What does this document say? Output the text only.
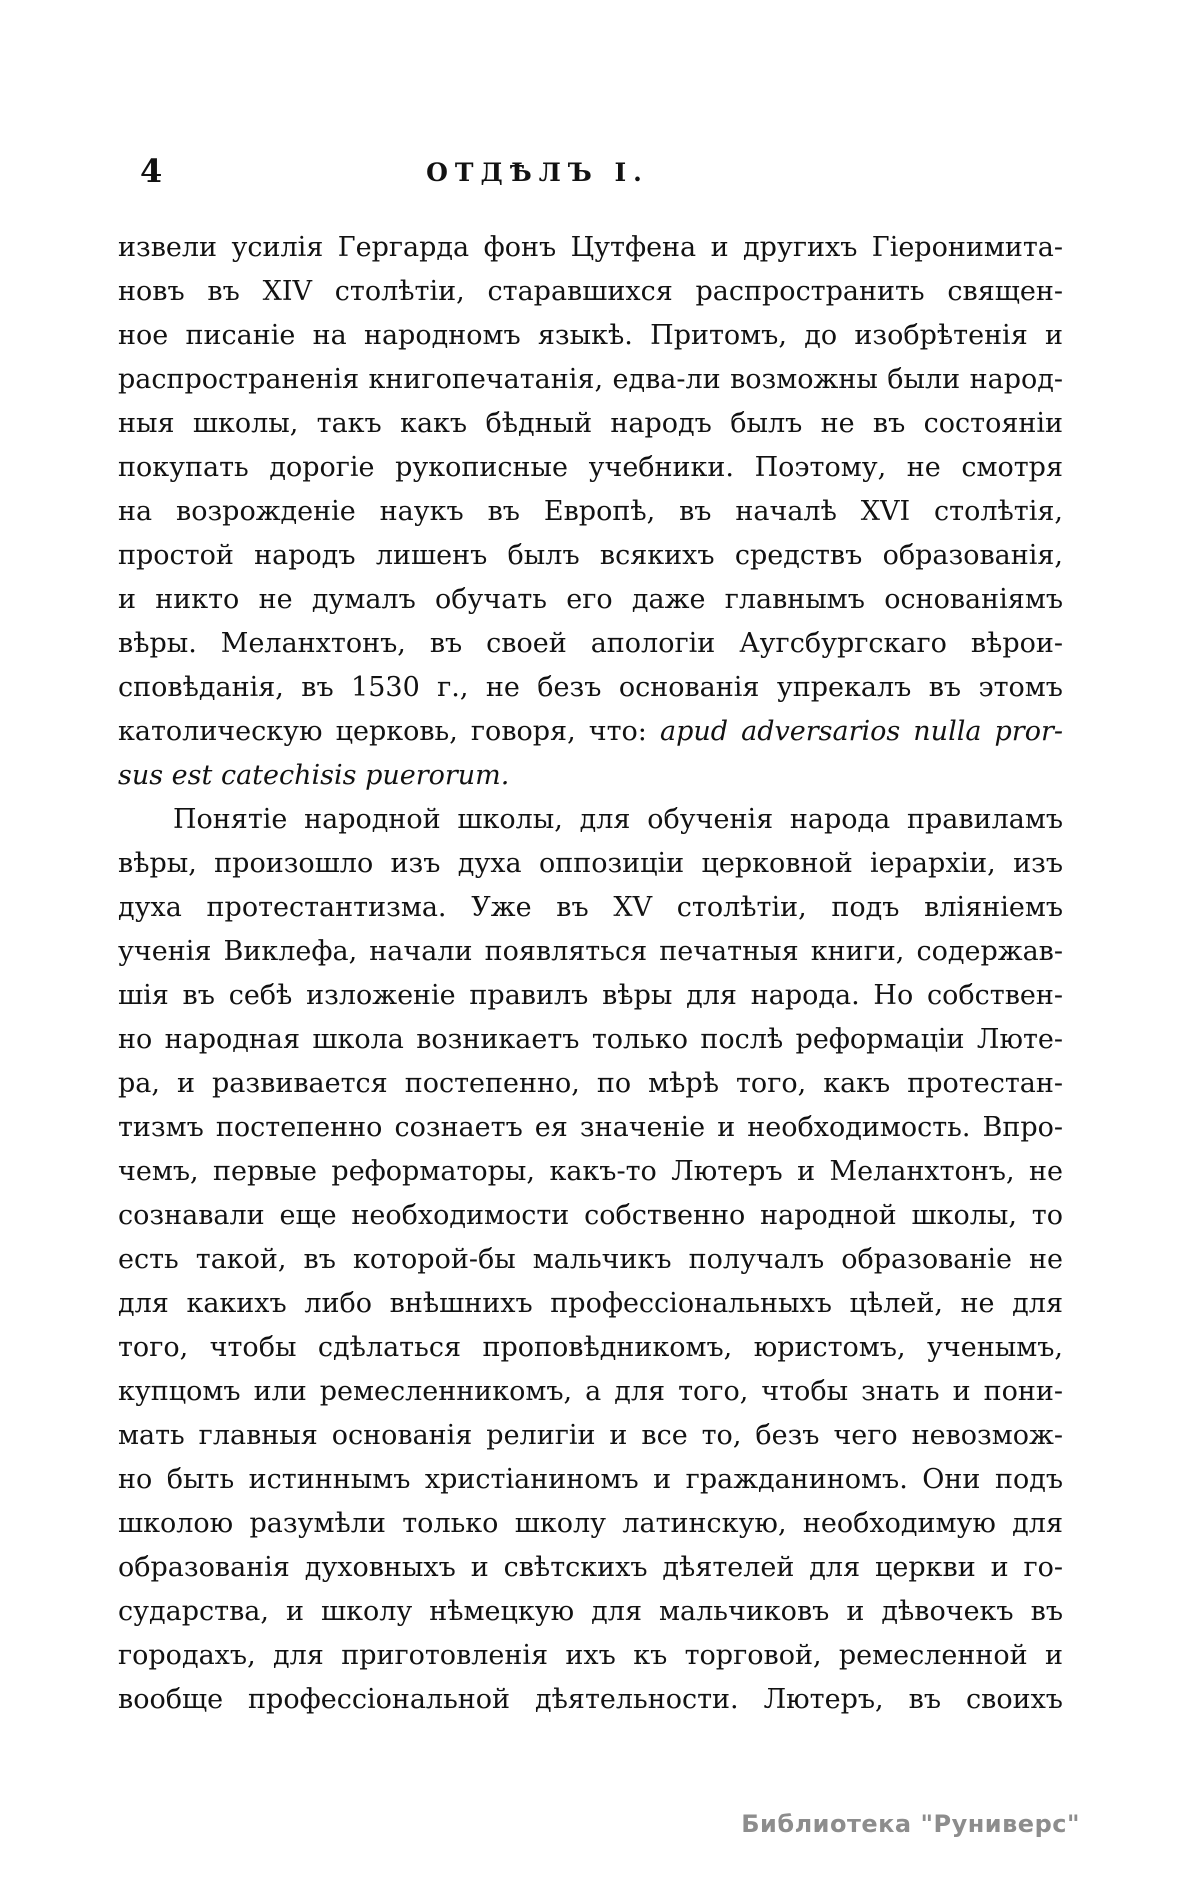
4	ОТДѢЛЪ I.
извели усилія Гергарда фонъ Цутфена и другихъ Гіеронимита-
новъ въ XIV столѣтіи, старавшихся распространить священ-
ное писаніе на народномъ языкѣ. Притомъ, до изобрѣтенія и
распространенія книгопечатанія, едва-ли возможны были народ-
ныя школы, такъ какъ бѣдный народъ былъ не въ состояніи
покупать дорогіе рукописные учебники. Поэтому, не смотря
на возрожденіе наукъ въ Европѣ, въ началѣ XVI столѣтія,
простой народъ лишенъ былъ всякихъ средствъ образованія,
и никто не думалъ обучать его даже главнымъ основаніямъ
вѣры. Меланхтонъ, въ своей апологіи Аугсбургскаго вѣрои-
сповѣданія, въ 1530 г., не безъ основанія упрекалъ въ этомъ
католическую церковь, говоря, что: apud adversarios nulla pror-
sus est catechisis puerorum.
Понятіе народной школы, для обученія народа правиламъ
вѣры, произошло изъ духа оппозиціи церковной іерархіи, изъ
духа протестантизма. Уже въ XV столѣтіи, подъ вліяніемъ
ученія Виклефа, начали появляться печатныя книги, содержав-
шія въ себѣ изложеніе правилъ вѣры для народа. Но собствен-
но народная школа возникаетъ только послѣ реформаціи Люте-
ра, и развивается постепенно, по мѣрѣ того, какъ протестан-
тизмъ постепенно сознаетъ ея значеніе и необходимость. Впро-
чемъ, первые реформаторы, какъ-то Лютеръ и Меланхтонъ, не
сознавали еще необходимости собственно народной школы, то
есть такой, въ которой-бы мальчикъ получалъ образованіе не
для какихъ либо внѣшнихъ профессіональныхъ цѣлей, не для
того, чтобы сдѣлаться проповѣдникомъ, юристомъ, ученымъ,
купцомъ или ремесленникомъ, а для того, чтобы знать и пони-
мать главныя основанія религіи и все то, безъ чего невозмож-
но быть истиннымъ христіаниномъ и гражданиномъ. Они подъ
школою разумѣли только школу латинскую, необходимую для
образованія духовныхъ и свѣтскихъ дѣятелей для церкви и го-
сударства, и школу нѣмецкую для мальчиковъ и дѣвочекъ въ
городахъ, для приготовленія ихъ къ торговой, ремесленной и
вообще профессіональной дѣятельности. Лютеръ, въ своихъ
Библиотека "Руниверс"
